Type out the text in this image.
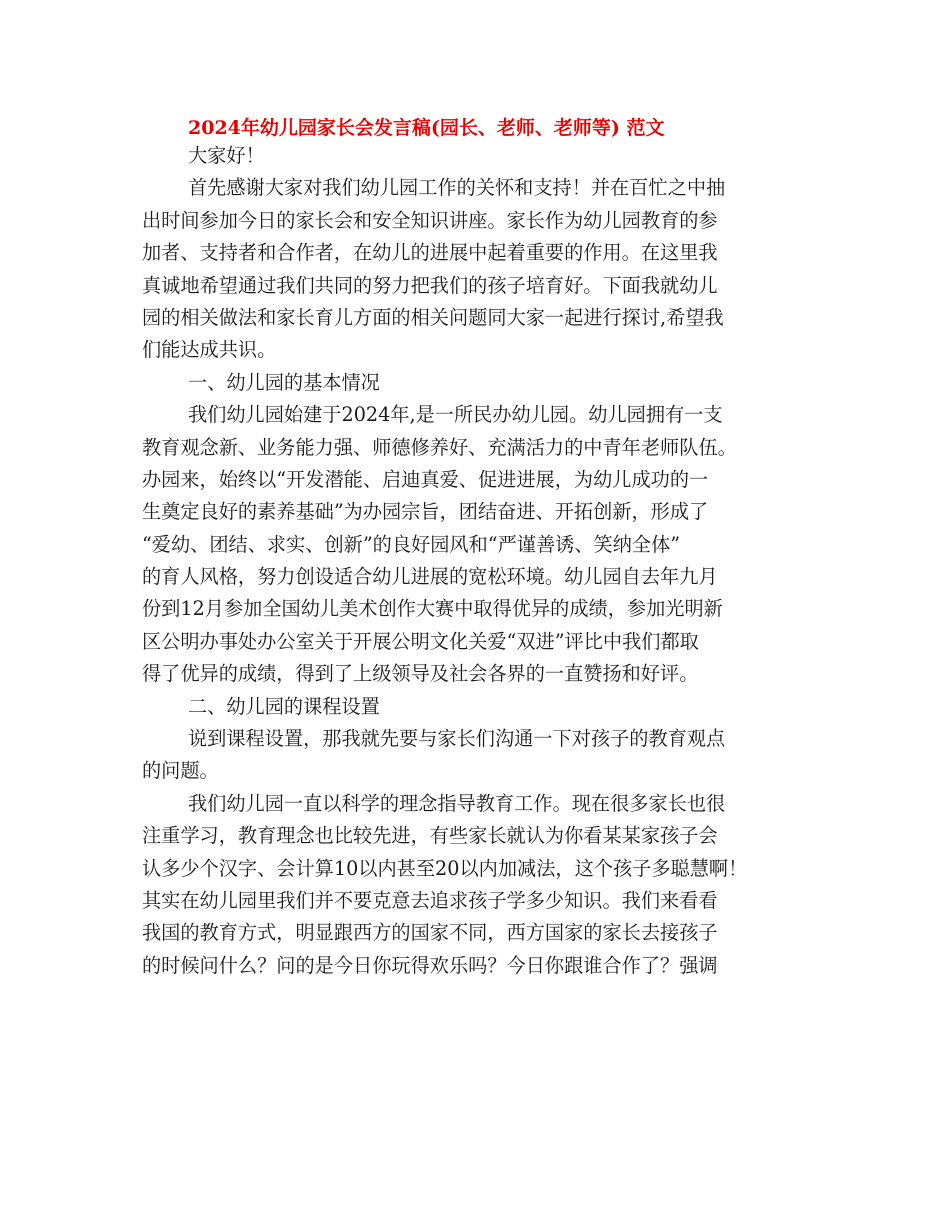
2024年幼儿园家长会发言稿(园长、老师、老师等) 范文
大家好！
首先感谢大家对我们幼儿园工作的关怀和支持！并在百忙之中抽
出时间参加今日的家长会和安全知识讲座。家长作为幼儿园教育的参
加者、支持者和合作者，在幼儿的进展中起着重要的作用。在这里我
真诚地希望通过我们共同的努力把我们的孩子培育好。下面我就幼儿
园的相关做法和家长育儿方面的相关问题同大家一起进行探讨,希望我
们能达成共识。
一、幼儿园的基本情况
我们幼儿园始建于2024年,是一所民办幼儿园。幼儿园拥有一支
教育观念新、业务能力强、师德修养好、充满活力的中青年老师队伍。
办园来，始终以“开发潜能、启迪真爱、促进进展，为幼儿成功的一
生奠定良好的素养基础”为办园宗旨，团结奋进、开拓创新，形成了
“爱幼、团结、求实、创新”的良好园风和“严谨善诱、笑纳全体”
的育人风格，努力创设适合幼儿进展的宽松环境。幼儿园自去年九月
份到12月参加全国幼儿美术创作大赛中取得优异的成绩，参加光明新
区公明办事处办公室关于开展公明文化关爱“双进”评比中我们都取
得了优异的成绩，得到了上级领导及社会各界的一直赞扬和好评。
二、幼儿园的课程设置
说到课程设置，那我就先要与家长们沟通一下对孩子的教育观点
的问题。
我们幼儿园一直以科学的理念指导教育工作。现在很多家长也很
注重学习，教育理念也比较先进，有些家长就认为你看某某家孩子会
认多少个汉字、会计算10以内甚至20以内加减法，这个孩子多聪慧啊！
其实在幼儿园里我们并不要克意去追求孩子学多少知识。我们来看看
我国的教育方式，明显跟西方的国家不同，西方国家的家长去接孩子
的时候问什么？问的是今日你玩得欢乐吗？今日你跟谁合作了？强调
